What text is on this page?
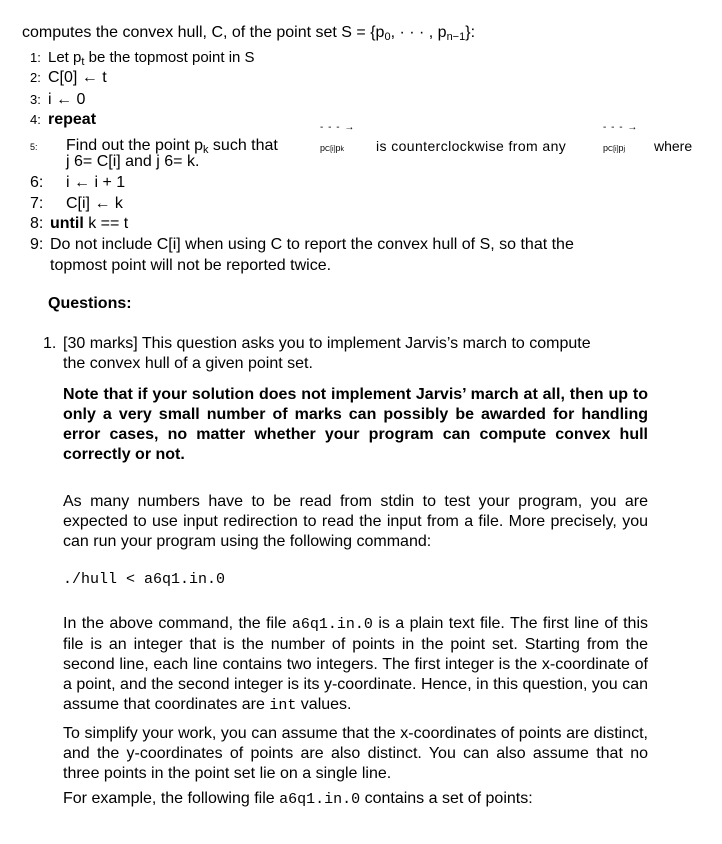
computes the convex hull, C, of the point set $S = \{p_0$, · · · , $p_{n-1}$}:
1: Let $p_t$ be the topmost point in S
2: C[0] ← t
3: i ← 0
4: repeat
5: Find out the point $p_k$ such that
- - - →
pC[i]pk is counterclockwise from any
- - - →
pC[i]pj where
j 6= C[i] and j 6= k.
6: i ← i + 1
7: C[i] ← k
8: until k == t
9: Do not include C[i] when using C to report the convex hull of S, so that the
topmost point will not be reported twice.
Questions:
1. [30 marks] This question asks you to implement Jarvis’s march to compute
the convex hull of a given point set.
Note that if your solution does not implement Jarvis’ march at all, then up to only a very small number of marks can possibly be awarded for handling error cases, no matter whether your program can compute convex hull correctly or not.
As many numbers have to be read from stdin to test your program, you are expected to use input redirection to read the input from a file. More precisely, you can run your program using the following command:
./hull < a6q1.in.0
In the above command, the file a6q1.in.0 is a plain text file. The first line of this file is an integer that is the number of points in the point set. Starting from the second line, each line contains two integers. The first integer is the x-coordinate of a point, and the second integer is its y-coordinate. Hence, in this question, you can assume that coordinates are int values.
To simplify your work, you can assume that the x-coordinates of points are distinct, and the y-coordinates of points are also distinct. You can also assume that no three points in the point set lie on a single line.
For example, the following file a6q1.in.0 contains a set of points:
